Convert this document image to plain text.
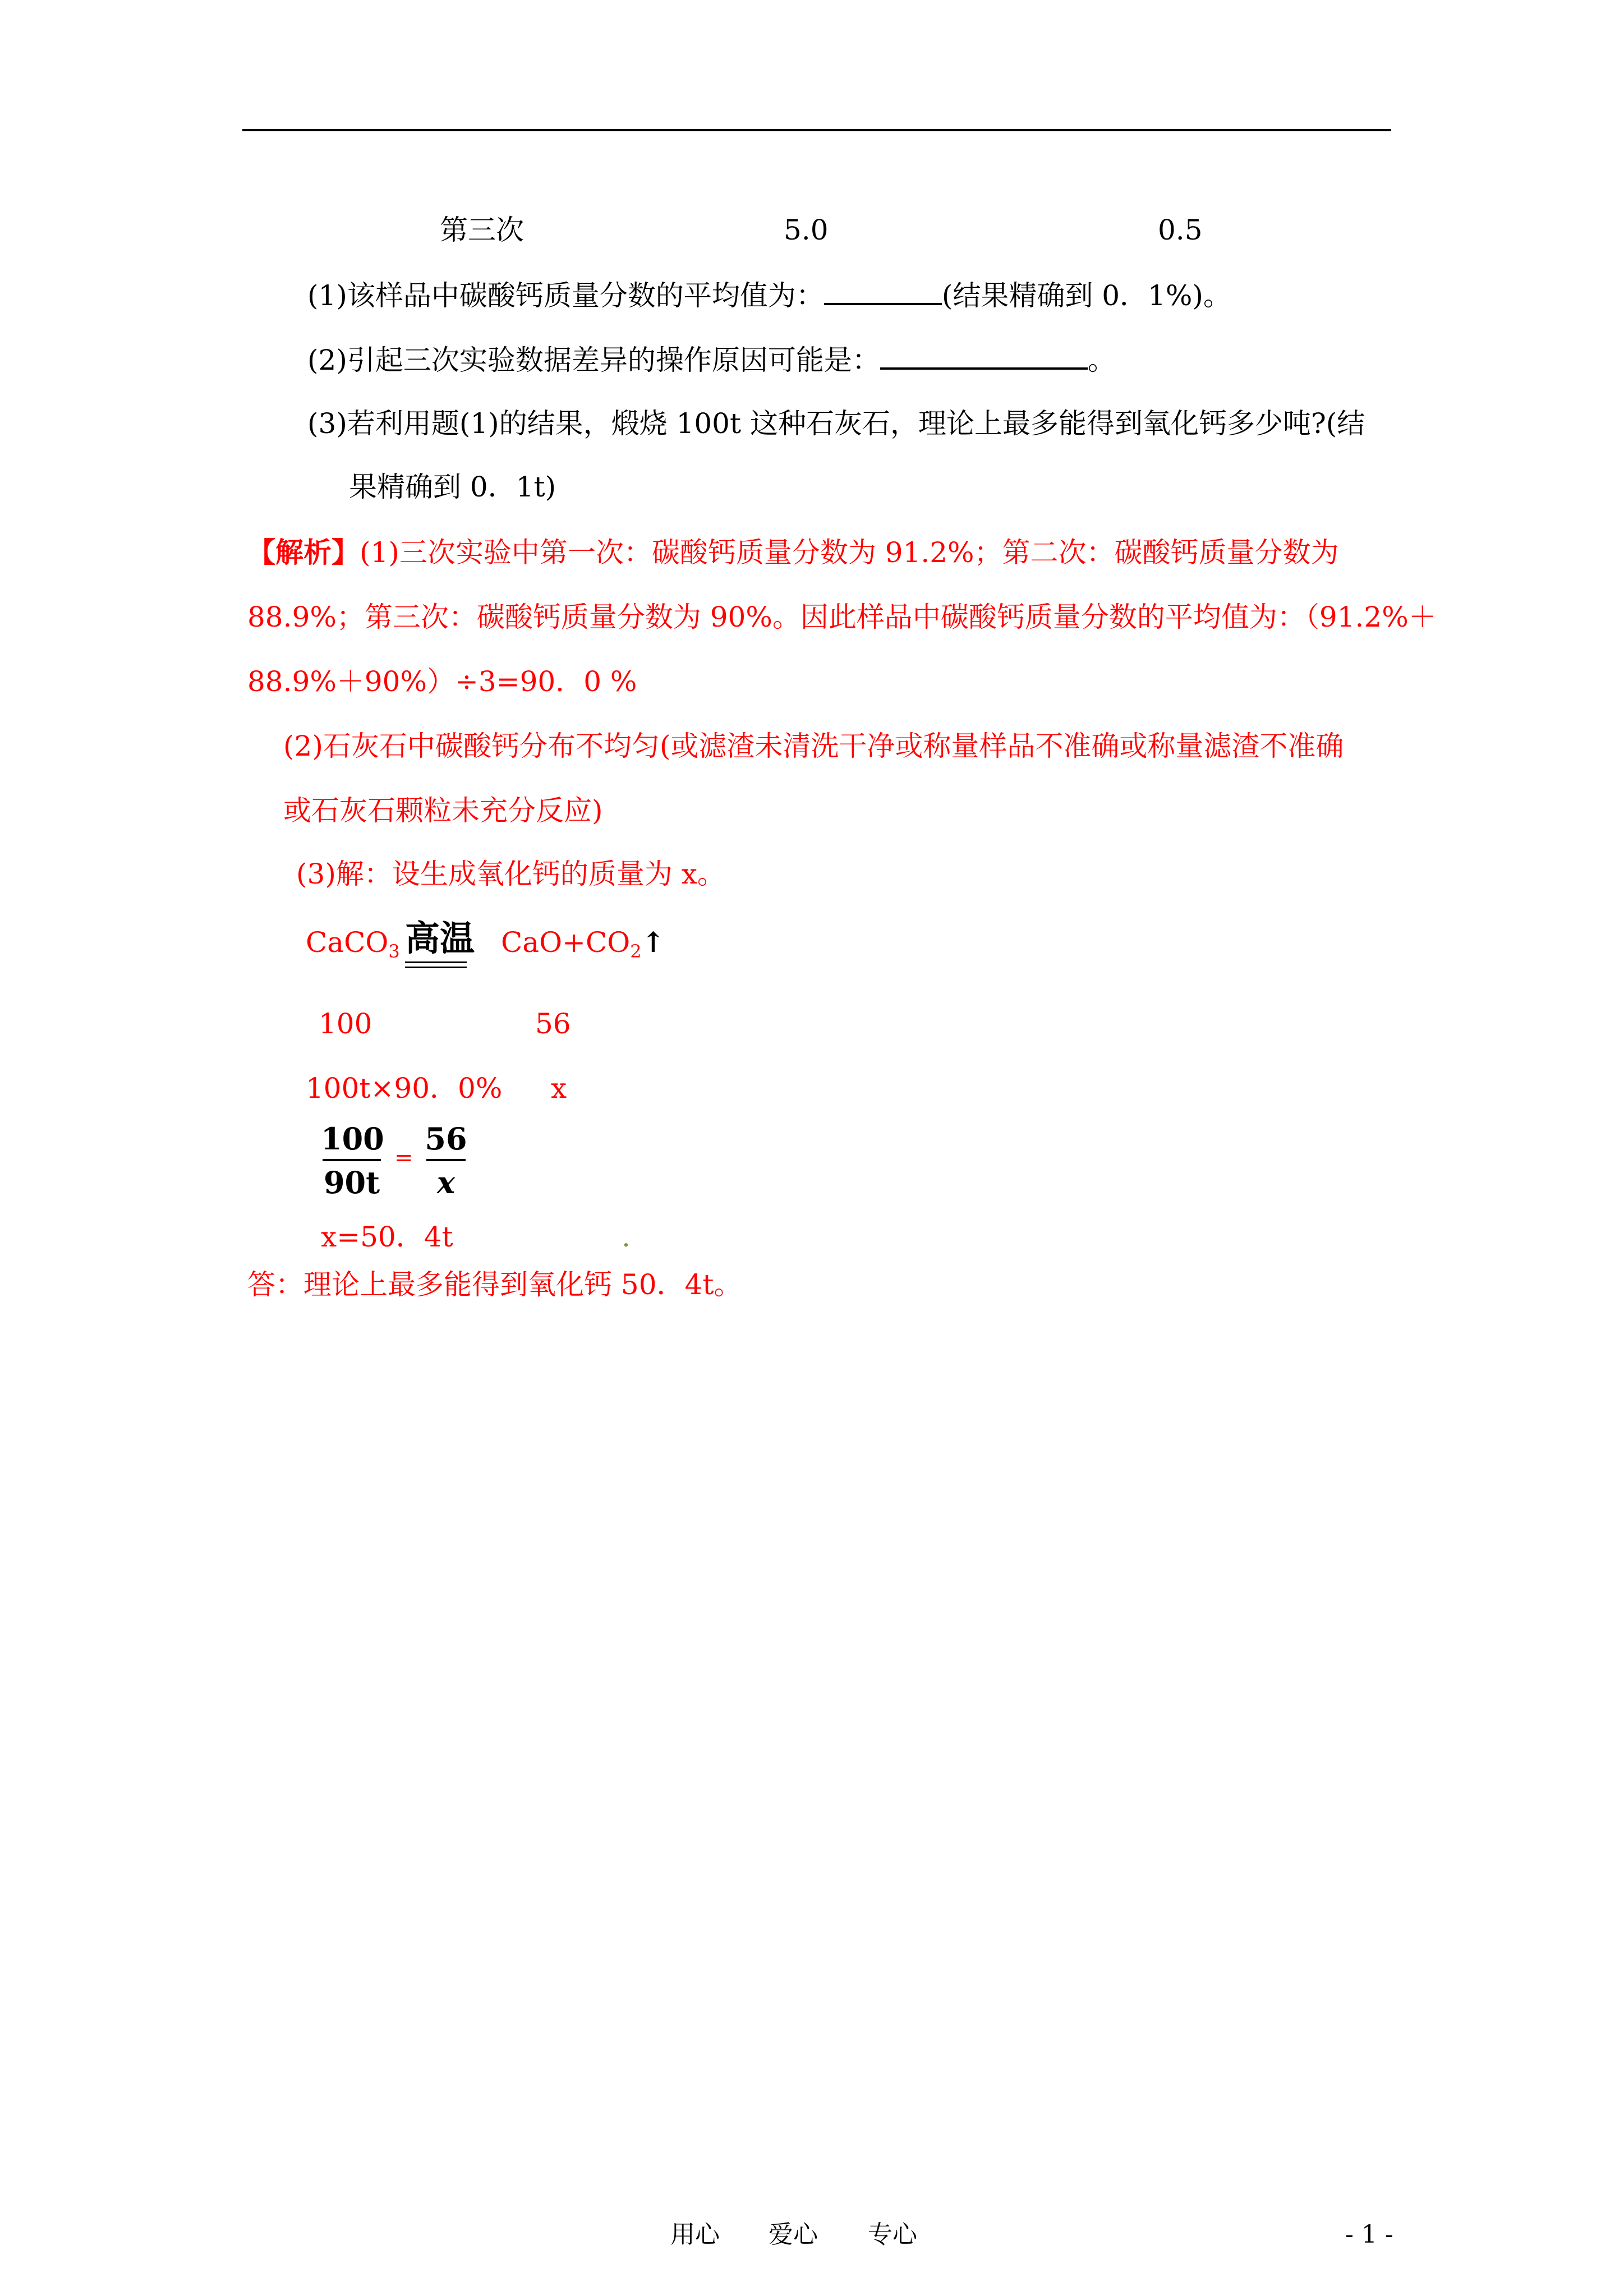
第三次	5.0	0.5
(1)该样品中碳酸钙质量分数的平均值为：	(结果精确到 0．1%)。
(2)引起三次实验数据差异的操作原因可能是：	。
(3)若利用题(1)的结果，煅烧 100t 这种石灰石，理论上最多能得到氧化钙多少吨?(结
果精确到 0．1t)
【解析】(1)三次实验中第一次：碳酸钙质量分数为 91.2%；第二次：碳酸钙质量分数为
88.9%；第三次：碳酸钙质量分数为 90%。因此样品中碳酸钙质量分数的平均值为：（91.2%＋
88.9%＋90%）÷3=90．0 %
(2)石灰石中碳酸钙分布不均匀(或滤渣未清洗干净或称量样品不准确或称量滤渣不准确
或石灰石颗粒未充分反应)
(3)解：设生成氧化钙的质量为 x。
CaCO$_3$ 高温 $CaO+CO_2↑$
100	56
100t×90．0% x
100
90t
=
56
x
x=50．4t	.
答：理论上最多能得到氧化钙 50．4t。
用心 爱心 专心	- 1 -
